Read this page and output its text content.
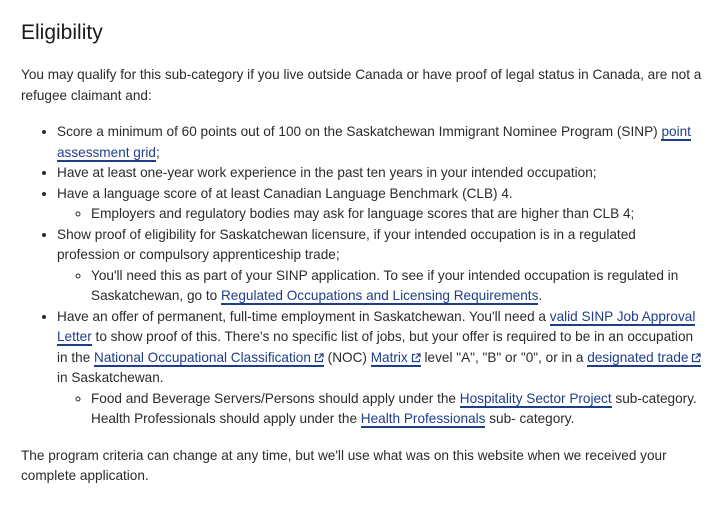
Eligibility

You may qualify for this sub-category if you live outside Canada or have proof of legal status in Canada, are not a refugee claimant and:

• Score a minimum of 60 points out of 100 on the Saskatchewan Immigrant Nominee Program (SINP) point assessment grid;
• Have at least one-year work experience in the past ten years in your intended occupation;
• Have a language score of at least Canadian Language Benchmark (CLB) 4.
◦ Employers and regulatory bodies may ask for language scores that are higher than CLB 4;
• Show proof of eligibility for Saskatchewan licensure, if your intended occupation is in a regulated profession or compulsory apprenticeship trade;
◦ You'll need this as part of your SINP application. To see if your intended occupation is regulated in Saskatchewan, go to Regulated Occupations and Licensing Requirements.
• Have an offer of permanent, full-time employment in Saskatchewan. You'll need a valid SINP Job Approval Letter to show proof of this. There's no specific list of jobs, but your offer is required to be in an occupation in the National Occupational Classification
(NOC) Matrix
level "A", "B" or "0", or in a designated trade
in Saskatchewan.
◦ Food and Beverage Servers/Persons should apply under the Hospitality Sector Project sub-category. Health Professionals should apply under the Health Professionals sub- category.

The program criteria can change at any time, but we'll use what was on this website when we received your complete application.
